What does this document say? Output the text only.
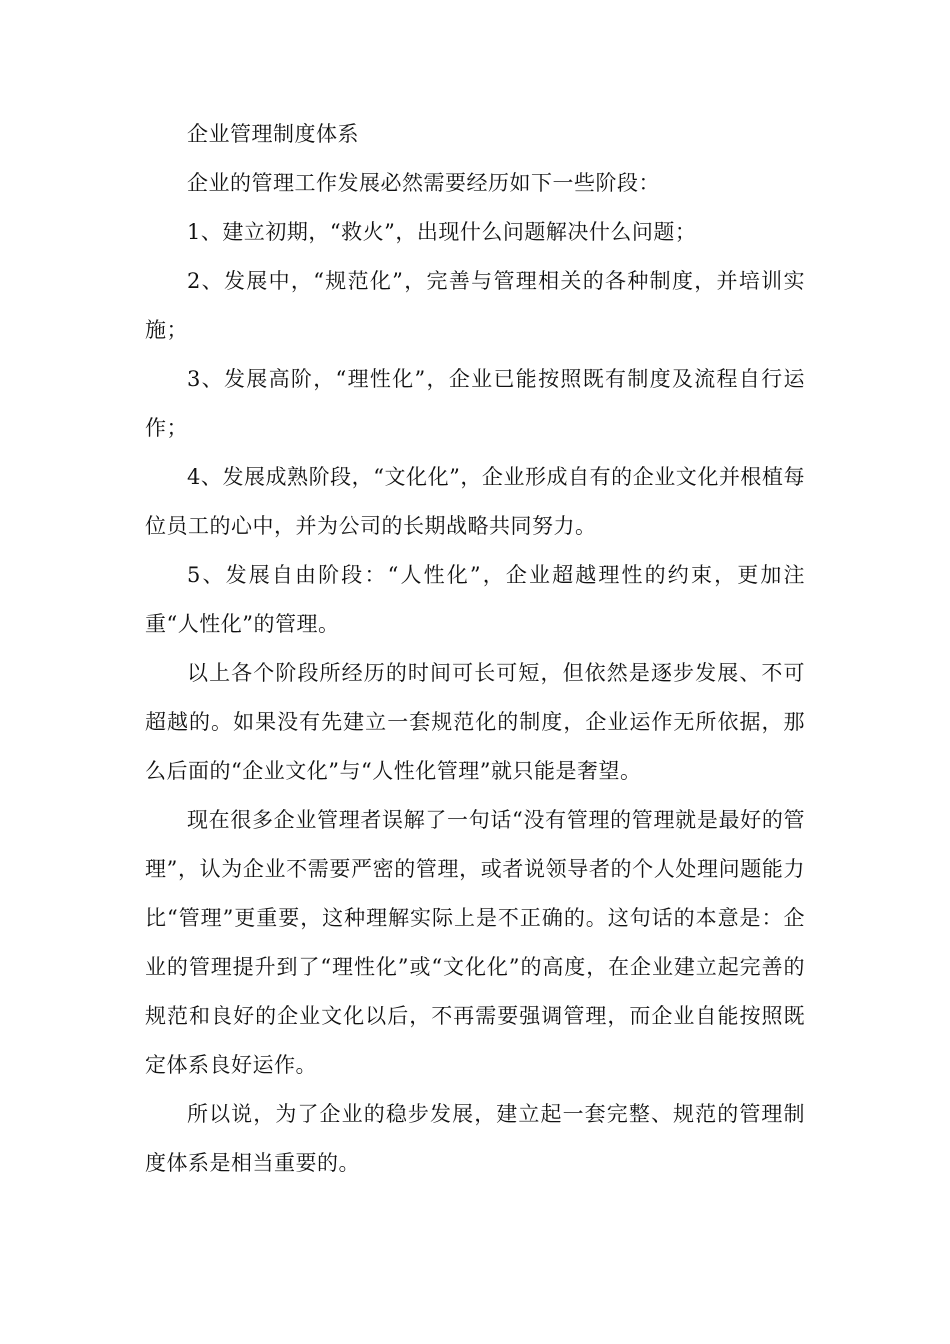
企业管理制度体系

企业的管理工作发展必然需要经历如下一些阶段：

1、建立初期，“救火”，出现什么问题解决什么问题；

2、发展中，“规范化”，完善与管理相关的各种制度，并培训实施；

3、发展高阶，“理性化”，企业已能按照既有制度及流程自行运作；

4、发展成熟阶段，“文化化”，企业形成自有的企业文化并根植每位员工的心中，并为公司的长期战略共同努力。

5、发展自由阶段：“人性化”，企业超越理性的约束，更加注重“人性化”的管理。

以上各个阶段所经历的时间可长可短，但依然是逐步发展、不可超越的。如果没有先建立一套规范化的制度，企业运作无所依据，那么后面的“企业文化”与“人性化管理”就只能是奢望。

现在很多企业管理者误解了一句话“没有管理的管理就是最好的管理”，认为企业不需要严密的管理，或者说领导者的个人处理问题能力比“管理”更重要，这种理解实际上是不正确的。这句话的本意是：企业的管理提升到了“理性化”或“文化化”的高度，在企业建立起完善的规范和良好的企业文化以后，不再需要强调管理，而企业自能按照既定体系良好运作。

所以说，为了企业的稳步发展，建立起一套完整、规范的管理制度体系是相当重要的。
